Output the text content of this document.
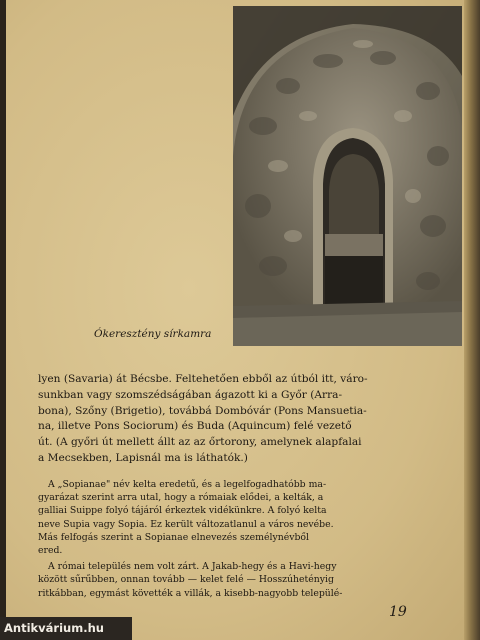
Ókeresztény sírkamra
lyen (Savaria) át Bécsbe. Feltehetően ebből az útból itt, váro-
sunkban vagy szomszédságában ágazott ki a Győr (Arra-
bona), Szőny (Brigetio), továbbá Dombóvár (Pons Mansuetia-
na, illetve Pons Sociorum) és Buda (Aquincum) felé vezető
út. (A győri út mellett állt az az őrtorony, amelynek alapfalai
a Mecsekben, Lapisnál ma is láthatók.)
A „Sopianae" név kelta eredetű, és a legelfogadhatóbb ma-
gyarázat szerint arra utal, hogy a rómaiak elődei, a kelták, a
galliai Suippe folyó tájáról érkeztek vidékünkre. A folyó kelta
neve Supia vagy Sopia. Ez került változatlanul a város nevébe.
Más felfogás szerint a Sopianae elnevezés személynévből
ered.
A római település nem volt zárt. A Jakab-hegy és a Havi-hegy
között sűrűbben, onnan tovább — kelet felé — Hosszúhetényig
ritkábban, egymást követték a villák, a kisebb-nagyobb települé-
19
Antikvárium.hu
